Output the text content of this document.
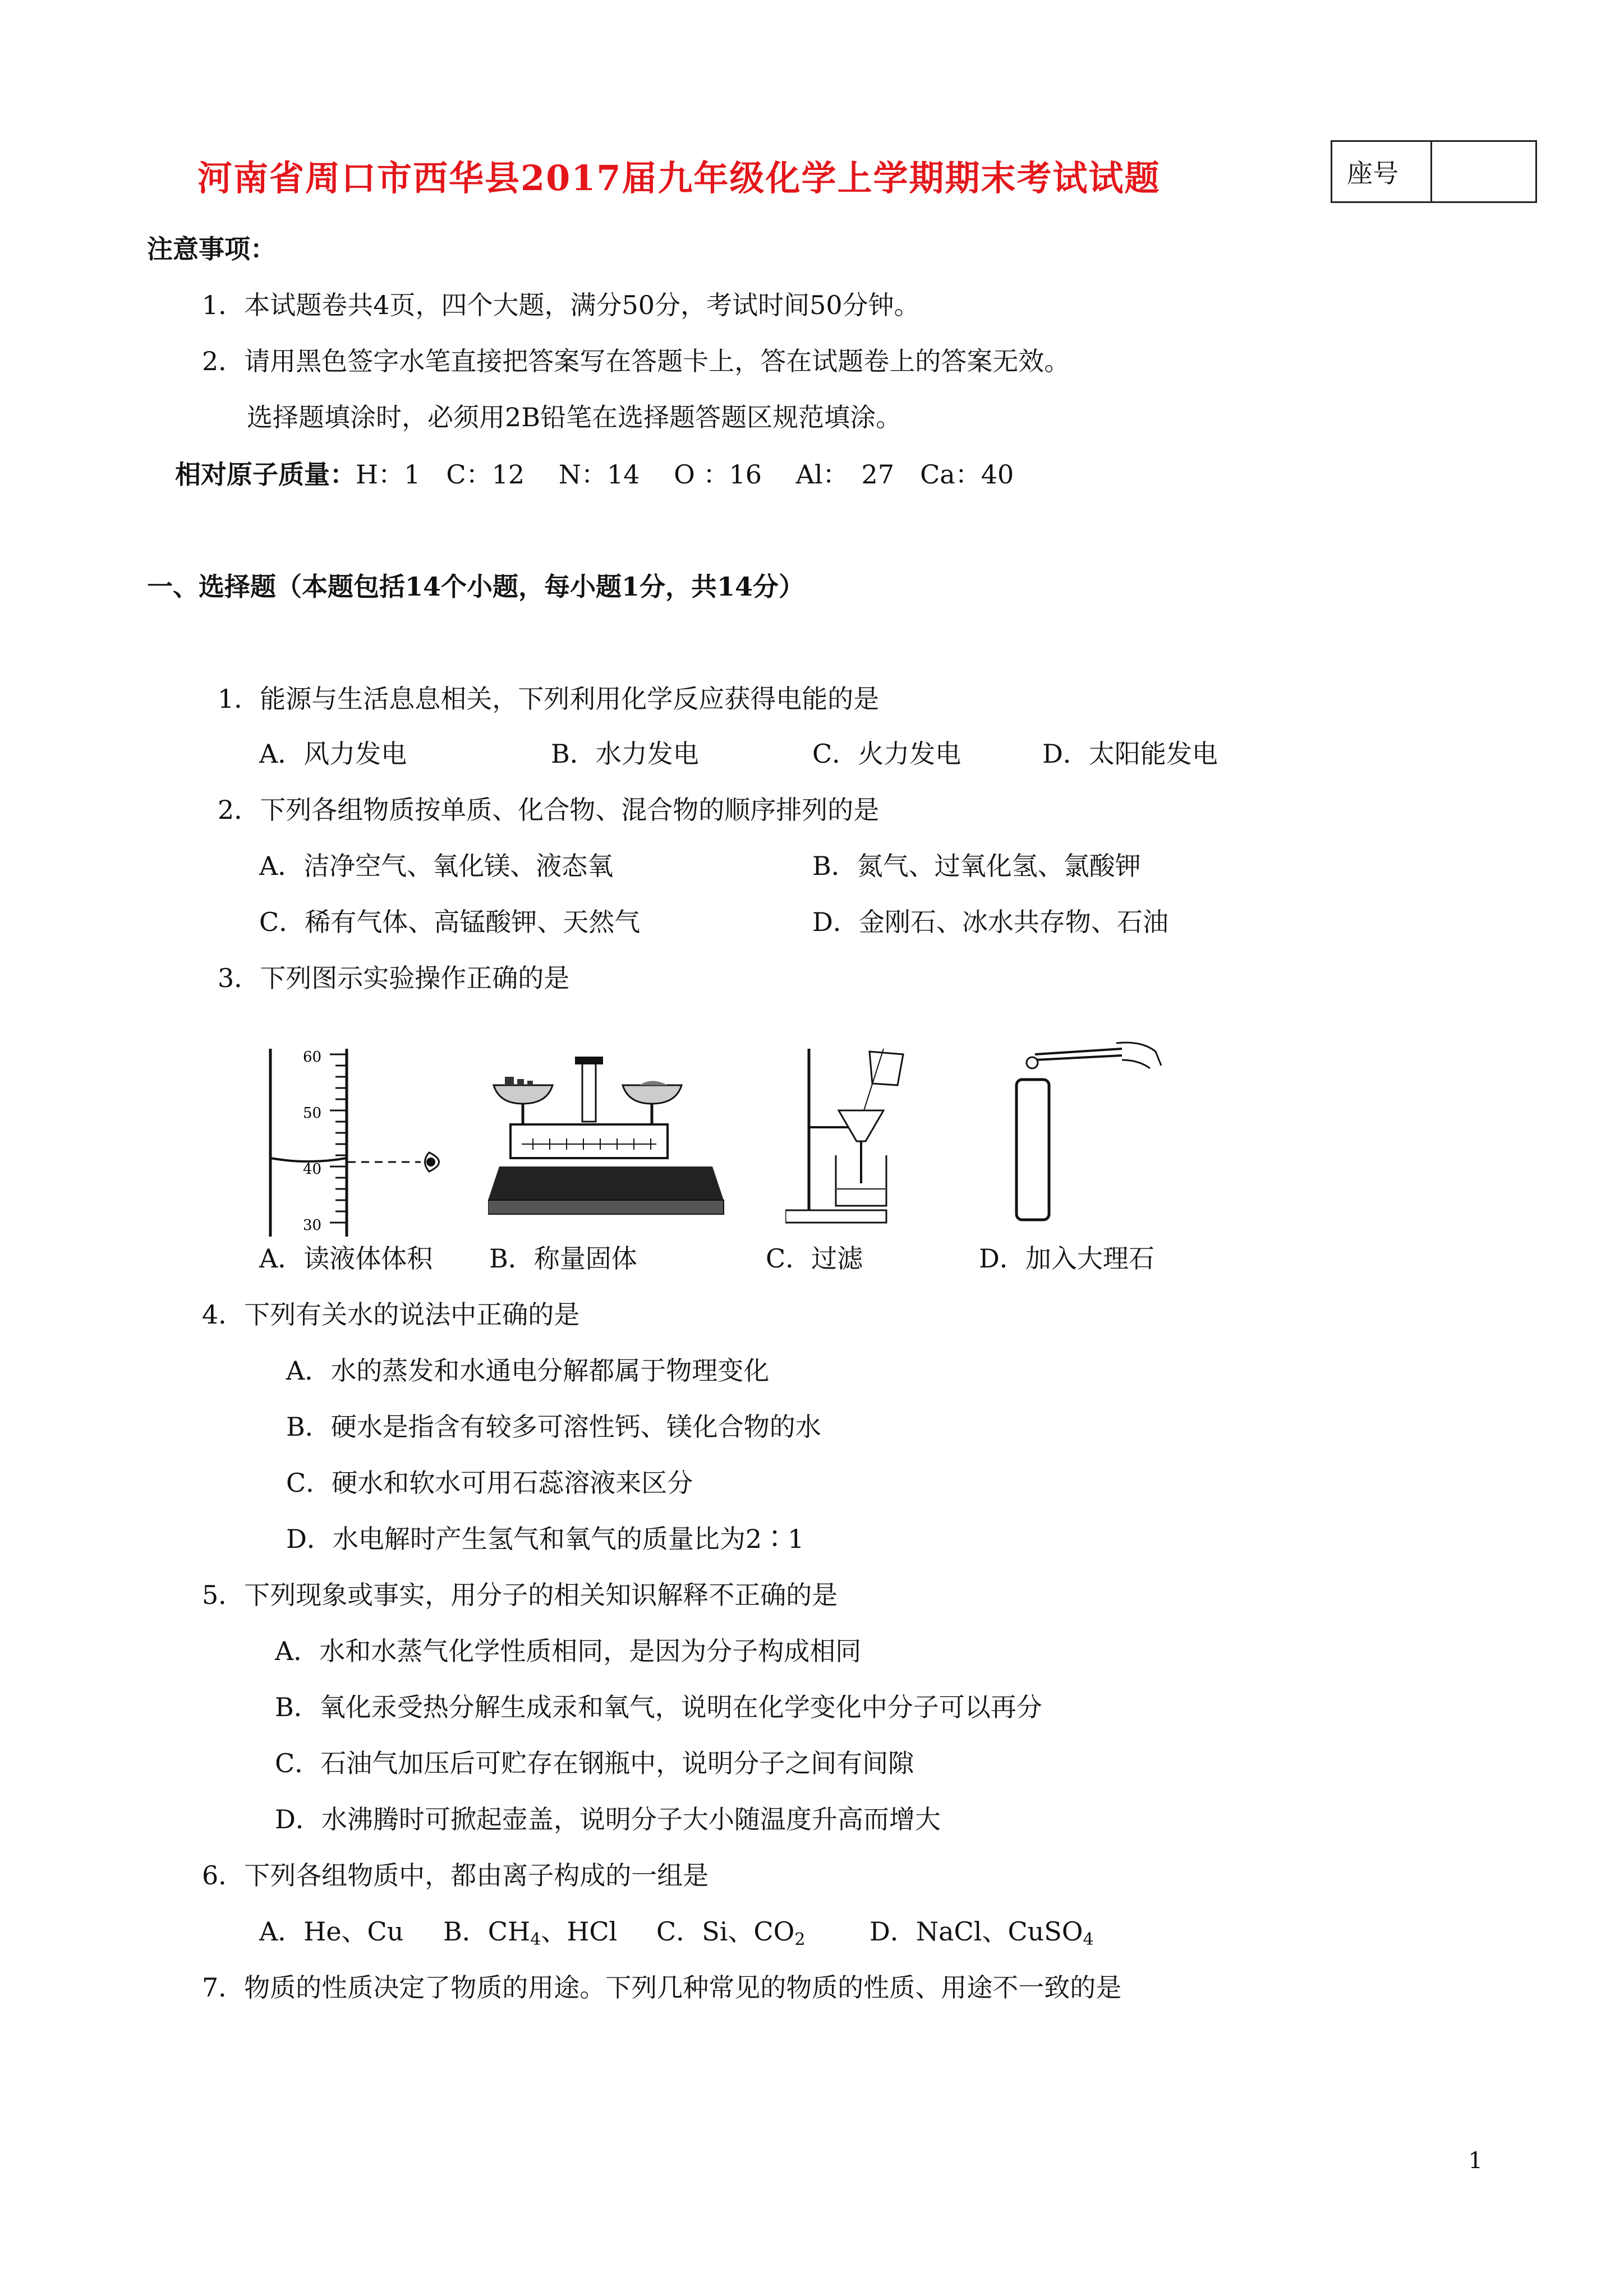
河南省周口市西华县2017届九年级化学上学期期末考试试题	座号
注意事项：
1．本试题卷共4页，四个大题，满分50分，考试时间50分钟。
2．请用黑色签字水笔直接把答案写在答题卡上，答在试题卷上的答案无效。
选择题填涂时，必须用2B铅笔在选择题答题区规范填涂。
相对原子质量：H：1　C：12　 N：14　 O ：16　 Al：　27　Ca：40
一、选择题（本题包括14个小题，每小题1分，共14分）
1．能源与生活息息相关，下列利用化学反应获得电能的是
A．风力发电	B．水力发电	C．火力发电	D．太阳能发电
2．下列各组物质按单质、化合物、混合物的顺序排列的是
A．洁净空气、氧化镁、液态氧	B．氮气、过氧化氢、氯酸钾
C．稀有气体、高锰酸钾、天然气	D．金刚石、冰水共存物、石油
3．下列图示实验操作正确的是
60
50
40
30
A．读液体体积 B．称量固体	C．过滤	D．加入大理石
4．下列有关水的说法中正确的是
A．水的蒸发和水通电分解都属于物理变化
B．硬水是指含有较多可溶性钙、镁化合物的水
C．硬水和软水可用石蕊溶液来区分
D．水电解时产生氢气和氧气的质量比为2∶1
5．下列现象或事实，用分子的相关知识解释不正确的是
A．水和水蒸气化学性质相同，是因为分子构成相同
B．氧化汞受热分解生成汞和氧气，说明在化学变化中分子可以再分
C．石油气加压后可贮存在钢瓶中，说明分子之间有间隙
D．水沸腾时可掀起壶盖，说明分子大小随温度升高而增大
6．下列各组物质中，都由离子构成的一组是
A．He、Cu B．$CH_4$、HCl C．Si、$CO_2$ D．NaCl、CuSO$_4$
7．物质的性质决定了物质的用途。下列几种常见的物质的性质、用途不一致的是
1
